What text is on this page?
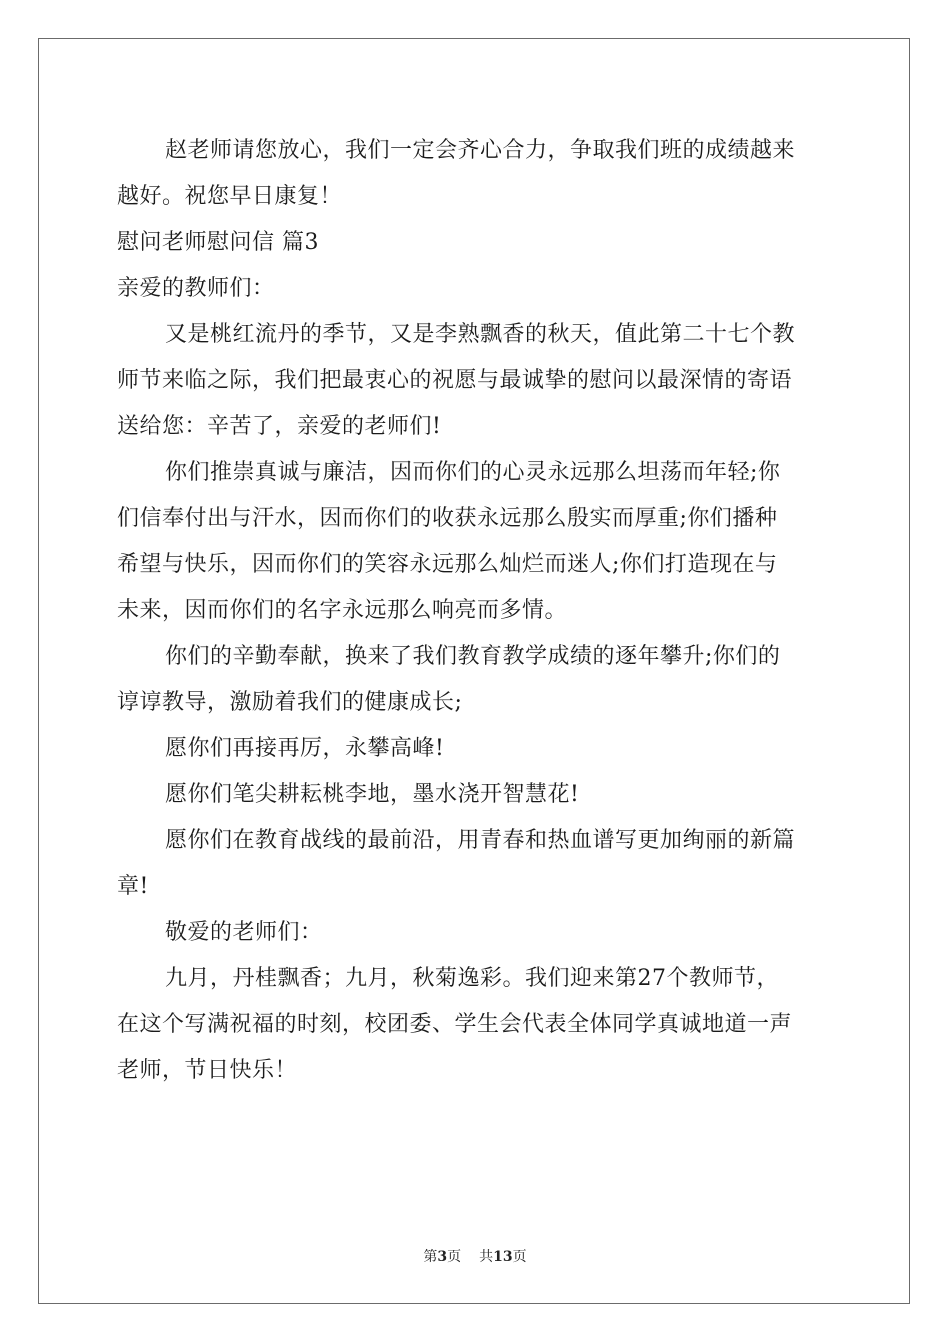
赵老师请您放心，我们一定会齐心合力，争取我们班的成绩越来
越好。祝您早日康复！
慰问老师慰问信 篇3
亲爱的教师们：
又是桃红流丹的季节，又是李熟飘香的秋天，值此第二十七个教
师节来临之际，我们把最衷心的祝愿与最诚挚的慰问以最深情的寄语
送给您：辛苦了，亲爱的老师们!
你们推崇真诚与廉洁，因而你们的心灵永远那么坦荡而年轻;你
们信奉付出与汗水，因而你们的收获永远那么殷实而厚重;你们播种
希望与快乐，因而你们的笑容永远那么灿烂而迷人;你们打造现在与
未来，因而你们的名字永远那么响亮而多情。
你们的辛勤奉献，换来了我们教育教学成绩的逐年攀升;你们的
谆谆教导，激励着我们的健康成长;
愿你们再接再厉，永攀高峰!
愿你们笔尖耕耘桃李地，墨水浇开智慧花!
愿你们在教育战线的最前沿，用青春和热血谱写更加绚丽的新篇
章!
敬爱的老师们：
九月，丹桂飘香；九月，秋菊逸彩。我们迎来第27个教师节，
在这个写满祝福的时刻，校团委、学生会代表全体同学真诚地道一声
老师，节日快乐！
第3页 共13页
